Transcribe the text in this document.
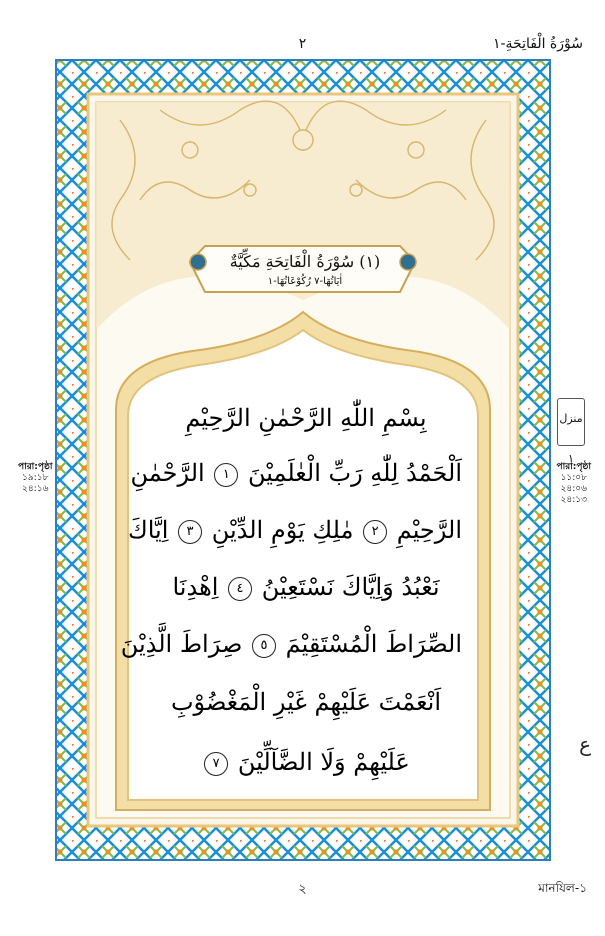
سُوْرَةُ الْفَاتِحَةِ-١
٢
পারা:পৃষ্ঠা
১৯:১৮
২৪:১৬
منزل ١
পারা:পৃষ্ঠা
১১:০৮
২৪:০৬
২৪:১৩
ع
(١) سُوْرَةُ الْفَاتِحَةِ مَكِّيَّةٌ
اٰيَاتُهَا-٧ رُكُوْعَاتُهَا-١
بِسْمِ اللّٰهِ الرَّحْمٰنِ الرَّحِيْمِ
اَلْحَمْدُ لِلّٰهِ رَبِّ الْعٰلَمِيْنَ ١ الرَّحْمٰنِ
الرَّحِيْمِ ٢ مٰلِكِ يَوْمِ الدِّيْنِ ٣ اِيَّاكَ
نَعْبُدُ وَاِيَّاكَ نَسْتَعِيْنُ ٤ اِهْدِنَا
الصِّرَاطَ الْمُسْتَقِيْمَ ٥ صِرَاطَ الَّذِيْنَ
اَنْعَمْتَ عَلَيْهِمْ غَيْرِ الْمَغْضُوْبِ
عَلَيْهِمْ وَلَا الضَّآلِّيْنَ ٧
২	মানযিল-১
